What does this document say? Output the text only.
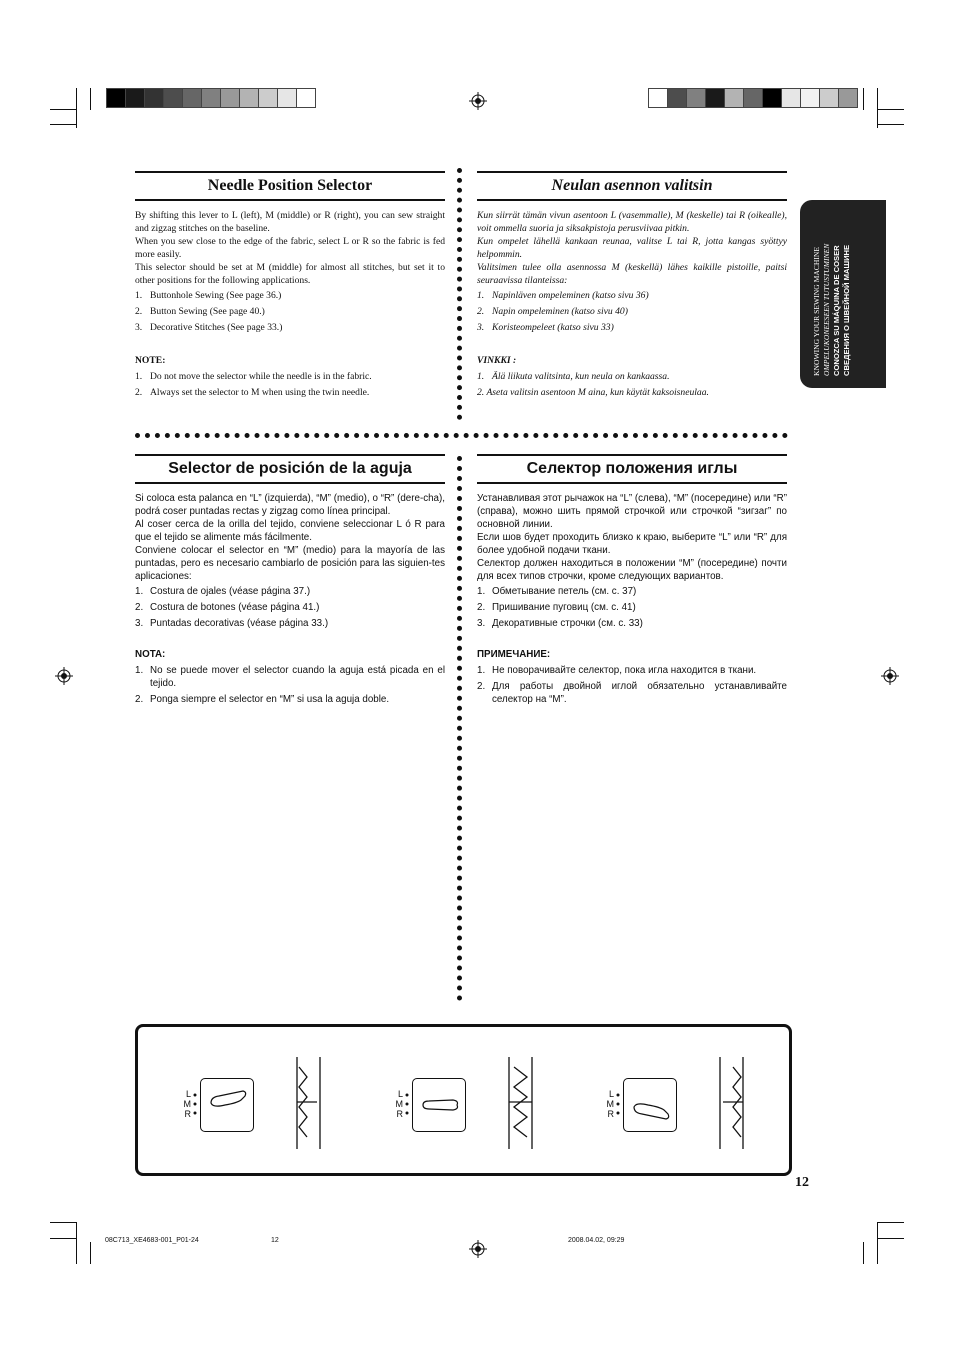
Needle Position Selector

By shifting this lever to L (left), M (middle) or R (right), you can sew straight and zigzag stitches on the baseline.

When you sew close to the edge of the fabric, select L or R so the fabric is fed more easily.

This selector should be set at M (middle) for almost all stitches, but set it to other positions for the following applications.

1. Buttonhole Sewing (See page 36.)
2. Button Sewing (See page 40.)
3. Decorative Stitches (See page 33.)
NOTE:
1. Do not move the selector while the needle is in the fabric.
2. Always set the selector to M when using the twin needle.
Neulan asennon valitsin

Kun siirrät tämän vivun asentoon L (vasemmalle), M (keskelle) tai R (oikealle), voit ommella suoria ja siksakpistoja perusviivaa pitkin.

Kun ompelet lähellä kankaan reunaa, valitse L tai R, jotta kangas syöttyy helpommin.

Valitsimen tulee olla asennossa M (keskellä) lähes kaikille pistoille, paitsi seuraavissa tilanteissa:

1. Napinläven ompeleminen (katso sivu 36)
2. Napin ompeleminen (katso sivu 40)
3. Koristeompeleet (katso sivu 33)
VINKKI :
1. Älä liikuta valitsinta, kun neula on kankaassa.
2. Aseta valitsin asentoon M aina, kun käytät kaksoisneulaa.
Selector de posición de la aguja

Si coloca esta palanca en “L” (izquierda), “M” (medio), o “R” (dere-cha), podrá coser puntadas rectas y zigzag como línea principal.

Al coser cerca de la orilla del tejido, conviene seleccionar L ó R para que el tejido se alimente más fácilmente.

Conviene colocar el selector en “M” (medio) para la mayoría de las puntadas, pero es necesario cambiarlo de posición para las siguien-tes aplicaciones:

1. Costura de ojales (véase página 37.)
2. Costura de botones (véase página 41.)
3. Puntadas decorativas (véase página 33.)
NOTA:
1. No se puede mover el selector cuando la aguja está picada en el tejido.
2. Ponga siempre el selector en “M” si usa la aguja doble.
Селектор положения иглы

Устанавливая этот рычажок на “L” (слева), “M” (посередине) или “R” (справа), можно шить прямой строчкой или строчкой “зигзаг” по основной линии.

Если шов будет проходить близко к краю, выберите “L” или “R” для более удобной подачи ткани.

Селектор должен находиться в положении “M” (посередине) почти для всех типов строчки, кроме следующих вариантов.

1. Обметывание петель (см. с. 37)
2. Пришивание пуговиц (см. с. 41)
3. Декоративные строчки (см. с. 33)
ПРИМЕЧАНИЕ:
1. Не поворачивайте селектор, пока игла находится в ткани.
2. Для работы двойной иглой обязательно устанавливайте селектор на “M”.
KNOWING YOUR SEWING MACHINE OMPELUKONEESEEN TUTUSTUMINEN CONOZCA SU MÁQUINA DE COSER СВЕДЕНИЯ О ШВЕЙНОЙ МАШИНЕ
L
M
R
L
M
R
L
M
R
12
08C713_XE4683-001_P01-24	12	2008.04.02, 09:29
